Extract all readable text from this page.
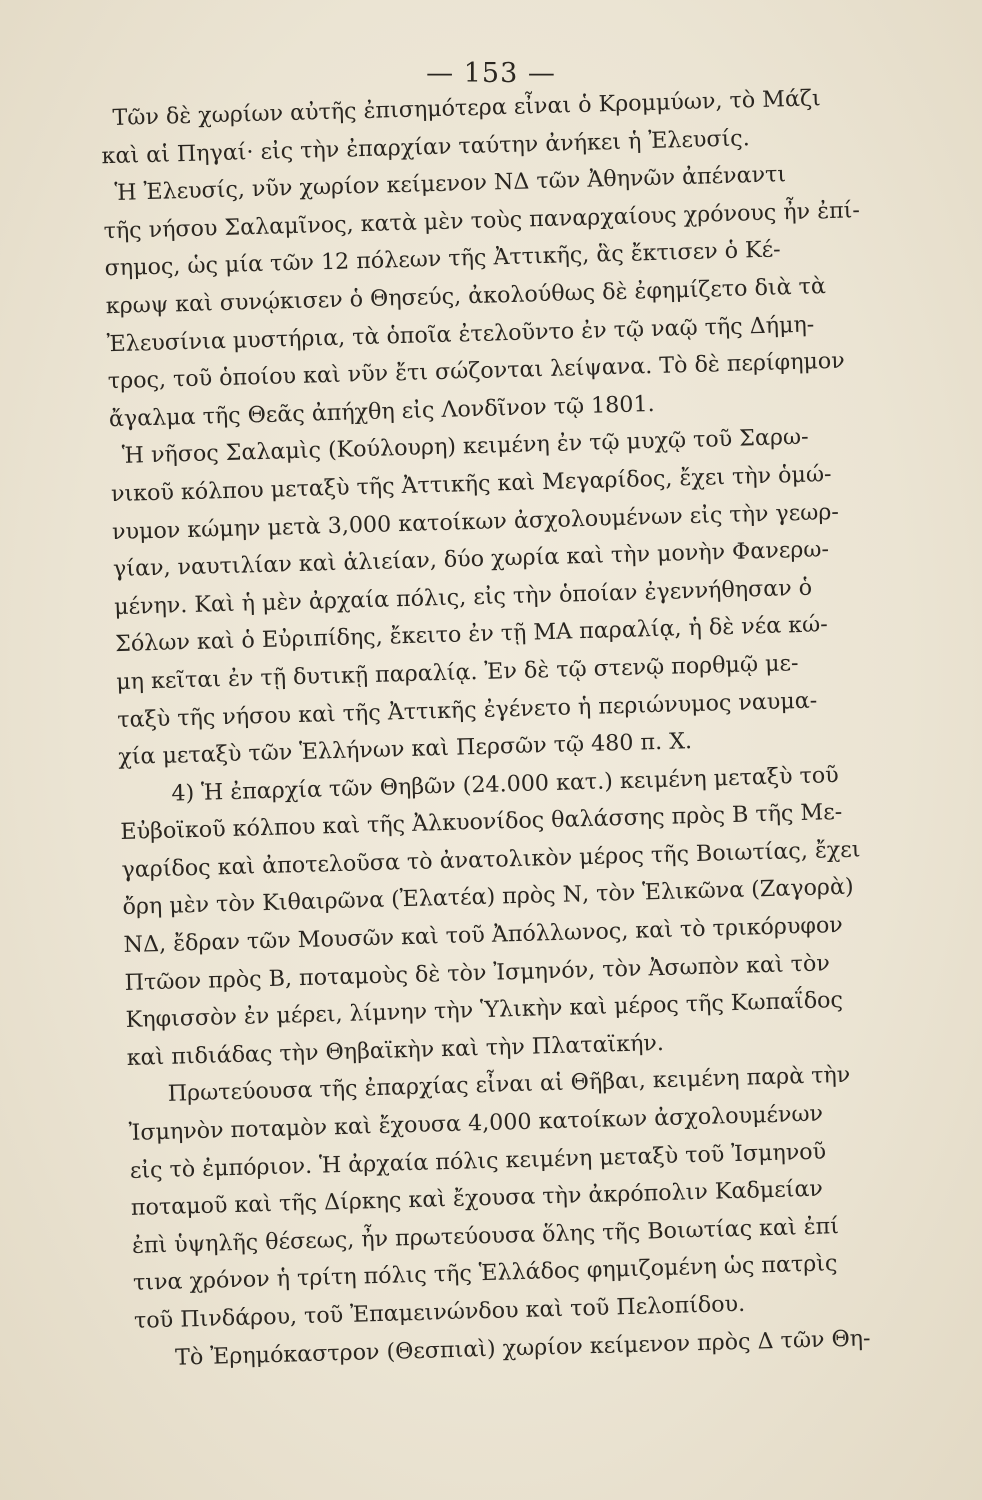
— 153 —
Τῶν δὲ χωρίων αὐτῆς ἐπισημότερα εἶναι ὁ Κρομμύων, τὸ Μάζι
καὶ αἱ Πηγαί· εἰς τὴν ἐπαρχίαν ταύτην ἀνήκει ἡ Ἐλευσίς.
Ἡ Ἐλευσίς, νῦν χωρίον κείμενον ΝΔ τῶν Ἀθηνῶν ἀπέναντι
τῆς νήσου Σαλαμῖνος, κατὰ μὲν τοὺς παναρχαίους χρόνους ἦν ἐπί-
σημος, ὡς μία τῶν 12 πόλεων τῆς Ἀττικῆς, ἃς ἔκτισεν ὁ Κέ-
κρωψ καὶ συνῴκισεν ὁ Θησεύς, ἀκολούθως δὲ ἐφημίζετο διὰ τὰ
Ἐλευσίνια μυστήρια, τὰ ὁποῖα ἐτελοῦντο ἐν τῷ ναῷ τῆς Δήμη-
τρος, τοῦ ὁποίου καὶ νῦν ἔτι σώζονται λείψανα. Τὸ δὲ περίφημον
ἄγαλμα τῆς Θεᾶς ἀπήχθη εἰς Λονδῖνον τῷ 1801.
Ἡ νῆσος Σαλαμὶς (Κούλουρη) κειμένη ἐν τῷ μυχῷ τοῦ Σαρω-
νικοῦ κόλπου μεταξὺ τῆς Ἀττικῆς καὶ Μεγαρίδος, ἔχει τὴν ὁμώ-
νυμον κώμην μετὰ 3,000 κατοίκων ἀσχολουμένων εἰς τὴν γεωρ-
γίαν, ναυτιλίαν καὶ ἁλιείαν, δύο χωρία καὶ τὴν μονὴν Φανερω-
μένην. Καὶ ἡ μὲν ἀρχαία πόλις, εἰς τὴν ὁποίαν ἐγεννήθησαν ὁ
Σόλων καὶ ὁ Εὐριπίδης, ἔκειτο ἐν τῇ ΜΑ παραλίᾳ, ἡ δὲ νέα κώ-
μη κεῖται ἐν τῇ δυτικῇ παραλίᾳ. Ἐν δὲ τῷ στενῷ πορθμῷ με-
ταξὺ τῆς νήσου καὶ τῆς Ἀττικῆς ἐγένετο ἡ περιώνυμος ναυμα-
χία μεταξὺ τῶν Ἑλλήνων καὶ Περσῶν τῷ 480 π. Χ.
4) Ἡ ἐπαρχία τῶν Θηβῶν (24.000 κατ.) κειμένη μεταξὺ τοῦ
Εὐβοϊκοῦ κόλπου καὶ τῆς Ἀλκυονίδος θαλάσσης πρὸς Β τῆς Με-
γαρίδος καὶ ἀποτελοῦσα τὸ ἀνατολικὸν μέρος τῆς Βοιωτίας, ἔχει
ὄρη μὲν τὸν Κιθαιρῶνα (Ἐλατέα) πρὸς Ν, τὸν Ἑλικῶνα (Ζαγορὰ)
ΝΔ, ἔδραν τῶν Μουσῶν καὶ τοῦ Ἀπόλλωνος, καὶ τὸ τρικόρυφον
Πτῶον πρὸς Β, ποταμοὺς δὲ τὸν Ἰσμηνόν, τὸν Ἀσωπὸν καὶ τὸν
Κηφισσὸν ἐν μέρει, λίμνην τὴν Ὑλικὴν καὶ μέρος τῆς Κωπαΐδος
καὶ πιδιάδας τὴν Θηβαϊκὴν καὶ τὴν Πλαταϊκήν.
Πρωτεύουσα τῆς ἐπαρχίας εἶναι αἱ Θῆβαι, κειμένη παρὰ τὴν
Ἰσμηνὸν ποταμὸν καὶ ἔχουσα 4,000 κατοίκων ἀσχολουμένων
εἰς τὸ ἐμπόριον. Ἡ ἀρχαία πόλις κειμένη μεταξὺ τοῦ Ἰσμηνοῦ
ποταμοῦ καὶ τῆς Δίρκης καὶ ἔχουσα τὴν ἀκρόπολιν Καδμείαν
ἐπὶ ὑψηλῆς θέσεως, ἦν πρωτεύουσα ὅλης τῆς Βοιωτίας καὶ ἐπί
τινα χρόνον ἡ τρίτη πόλις τῆς Ἑλλάδος φημιζομένη ὡς πατρὶς
τοῦ Πινδάρου, τοῦ Ἐπαμεινώνδου καὶ τοῦ Πελοπίδου.
Τὸ Ἐρημόκαστρον (Θεσπιαὶ) χωρίον κείμενον πρὸς Δ τῶν Θη-
